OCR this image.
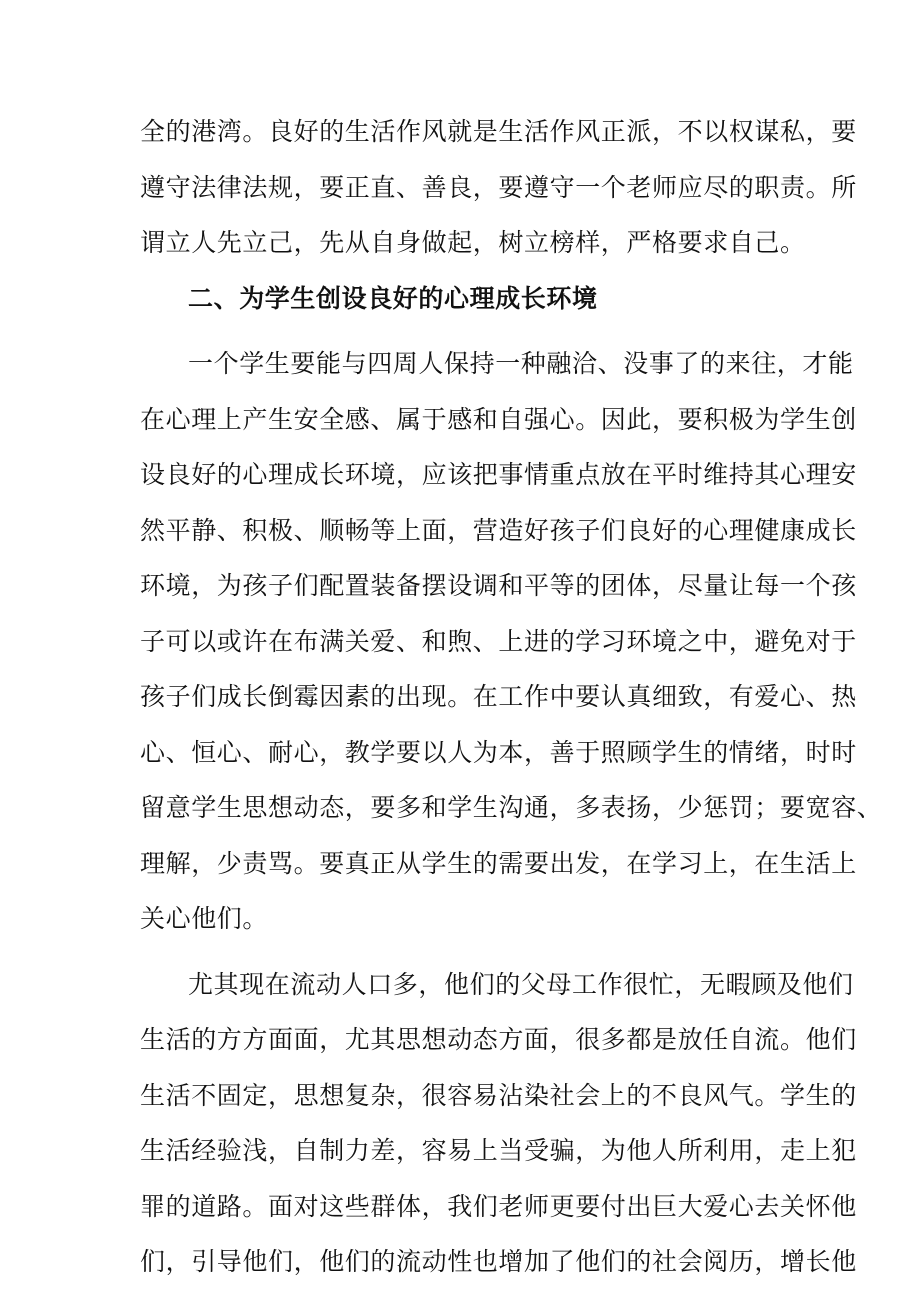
全的港湾。良好的生活作风就是生活作风正派，不以权谋私，要
遵守法律法规，要正直、善良，要遵守一个老师应尽的职责。所
谓立人先立己，先从自身做起，树立榜样，严格要求自己。
二、为学生创设良好的心理成长环境
一个学生要能与四周人保持一种融洽、没事了的来往，才能
在心理上产生安全感、属于感和自强心。因此，要积极为学生创
设良好的心理成长环境，应该把事情重点放在平时维持其心理安
然平静、积极、顺畅等上面，营造好孩子们良好的心理健康成长
环境，为孩子们配置装备摆设调和平等的团体，尽量让每一个孩
子可以或许在布满关爱、和煦、上进的学习环境之中，避免对于
孩子们成长倒霉因素的出现。在工作中要认真细致，有爱心、热
心、恒心、耐心，教学要以人为本，善于照顾学生的情绪，时时
留意学生思想动态，要多和学生沟通，多表扬，少惩罚；要宽容、
理解，少责骂。要真正从学生的需要出发，在学习上，在生活上
关心他们。
尤其现在流动人口多，他们的父母工作很忙，无暇顾及他们
生活的方方面面，尤其思想动态方面，很多都是放任自流。他们
生活不固定，思想复杂，很容易沾染社会上的不良风气。学生的
生活经验浅，自制力差，容易上当受骗，为他人所利用，走上犯
罪的道路。面对这些群体，我们老师更要付出巨大爱心去关怀他
们，引导他们，他们的流动性也增加了他们的社会阅历，增长他
